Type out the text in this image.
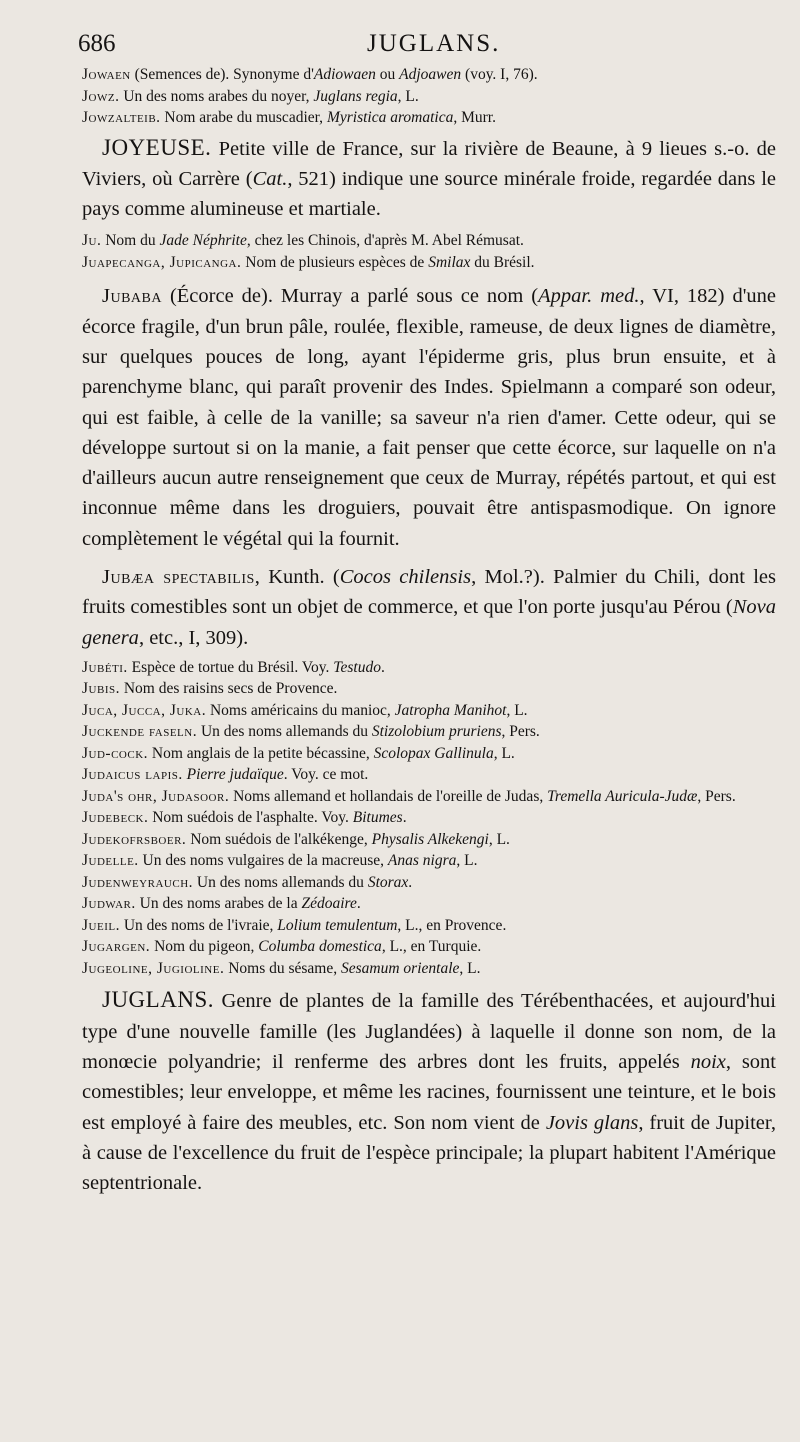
686	JUGLANS.

Jowaen (Semences de). Synonyme d'Adiowaen ou Adjoawen (voy. I, 76).

Jowz. Un des noms arabes du noyer, Juglans regia, L.

Jowzalteib. Nom arabe du muscadier, Myristica aromatica, Murr.

JOYEUSE. Petite ville de France, sur la rivière de Beaune, à 9 lieues s.-o. de Viviers, où Carrère (Cat., 521) indique une source minérale froide, regardée dans le pays comme alumineuse et martiale.

Ju. Nom du Jade Néphrite, chez les Chinois, d'après M. Abel Rémusat.

Juapecanga, Jupicanga. Nom de plusieurs espèces de Smilax du Brésil.

Jubaba (Écorce de). Murray a parlé sous ce nom (Appar. med., VI, 182) d'une écorce fragile, d'un brun pâle, roulée, flexible, rameuse, de deux lignes de diamètre, sur quelques pouces de long, ayant l'épiderme gris, plus brun ensuite, et à parenchyme blanc, qui paraît provenir des Indes. Spielmann a comparé son odeur, qui est faible, à celle de la vanille; sa saveur n'a rien d'amer. Cette odeur, qui se développe surtout si on la manie, a fait penser que cette écorce, sur laquelle on n'a d'ailleurs aucun autre renseignement que ceux de Murray, répétés partout, et qui est inconnue même dans les droguiers, pouvait être antispasmodique. On ignore complètement le végétal qui la fournit.

Jubæa spectabilis, Kunth. (Cocos chilensis, Mol.?). Palmier du Chili, dont les fruits comestibles sont un objet de commerce, et que l'on porte jusqu'au Pérou (Nova genera, etc., I, 309).

Jubéti. Espèce de tortue du Brésil. Voy. Testudo.

Jubis. Nom des raisins secs de Provence.

Juca, Jucca, Juka. Noms américains du manioc, Jatropha Manihot, L.

Juckende faseln. Un des noms allemands du Stizolobium pruriens, Pers.

Jud-cock. Nom anglais de la petite bécassine, Scolopax Gallinula, L.

Judaicus lapis. Pierre judaïque. Voy. ce mot.

Juda's ohr, Judasoor. Noms allemand et hollandais de l'oreille de Judas, Tremella Auricula-Judæ, Pers.

Judebeck. Nom suédois de l'asphalte. Voy. Bitumes.

Judekofrsboer. Nom suédois de l'alkékenge, Physalis Alkekengi, L.

Judelle. Un des noms vulgaires de la macreuse, Anas nigra, L.

Judenweyrauch. Un des noms allemands du Storax.

Judwar. Un des noms arabes de la Zédoaire.

Jueil. Un des noms de l'ivraie, Lolium temulentum, L., en Provence.

Jugargen. Nom du pigeon, Columba domestica, L., en Turquie.

Jugeoline, Jugioline. Noms du sésame, Sesamum orientale, L.

JUGLANS. Genre de plantes de la famille des Térébenthacées, et aujourd'hui type d'une nouvelle famille (les Juglandées) à laquelle il donne son nom, de la monœcie polyandrie; il renferme des arbres dont les fruits, appelés noix, sont comestibles; leur enveloppe, et même les racines, fournissent une teinture, et le bois est employé à faire des meubles, etc. Son nom vient de Jovis glans, fruit de Jupiter, à cause de l'excellence du fruit de l'espèce principale; la plupart habitent l'Amérique septentrionale.
